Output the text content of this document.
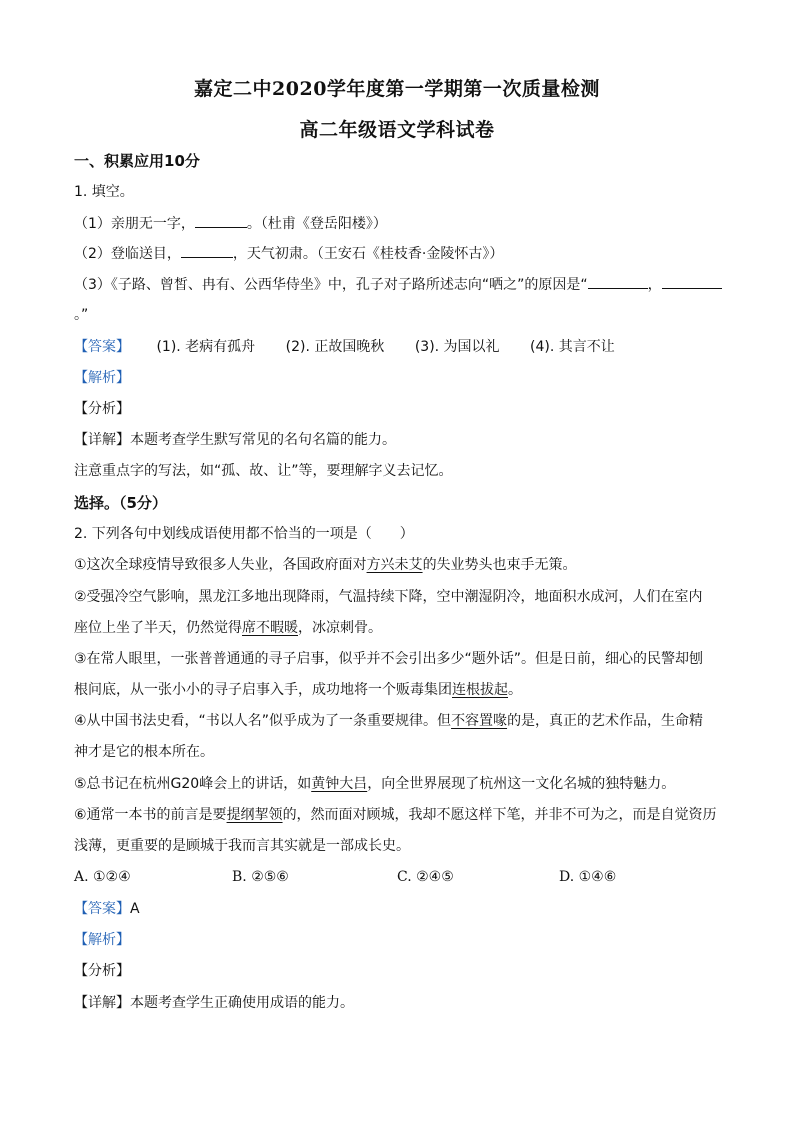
嘉定二中2020学年度第一学期第一次质量检测
高二年级语文学科试卷
一、积累应用10分
1. 填空。
（1）亲朋无一字，	。（杜甫《登岳阳楼》）
（2）登临送目，	，天气初肃。（王安石《桂枝香·金陵怀古》）
（3）《子路、曾皙、冉有、公西华侍坐》中，孔子对子路所述志向“哂之”的原因是“	，
。”
【答案】 (1). 老病有孤舟 (2). 正故国晚秋 (3). 为国以礼 (4). 其言不让
【解析】
【分析】
【详解】本题考查学生默写常见的名句名篇的能力。
注意重点字的写法，如“孤、故、让”等，要理解字义去记忆。
选择。（5分）
2. 下列各句中划线成语使用都不恰当的一项是（　　）
①这次全球疫情导致很多人失业，各国政府面对方兴未艾的失业势头也束手无策。
②受强冷空气影响，黑龙江多地出现降雨，气温持续下降，空中潮湿阴冷，地面积水成河，人们在室内
座位上坐了半天，仍然觉得席不暇暖，冰凉刺骨。
③在常人眼里，一张普普通通的寻子启事，似乎并不会引出多少“题外话”。但是日前，细心的民警却刨
根问底，从一张小小的寻子启事入手，成功地将一个贩毒集团连根拔起。
④从中国书法史看，“书以人名”似乎成为了一条重要规律。但不容置喙的是，真正的艺术作品，生命精
神才是它的根本所在。
⑤总书记在杭州G20峰会上的讲话，如黄钟大吕，向全世界展现了杭州这一文化名城的独特魅力。
⑥通常一本书的前言是要提纲挈领的，然而面对顾城，我却不愿这样下笔，并非不可为之，而是自觉资历
浅薄，更重要的是顾城于我而言其实就是一部成长史。
A. ①②④	B. ②⑤⑥	C. ②④⑤	D. ①④⑥
【答案】A
【解析】
【分析】
【详解】本题考查学生正确使用成语的能力。
